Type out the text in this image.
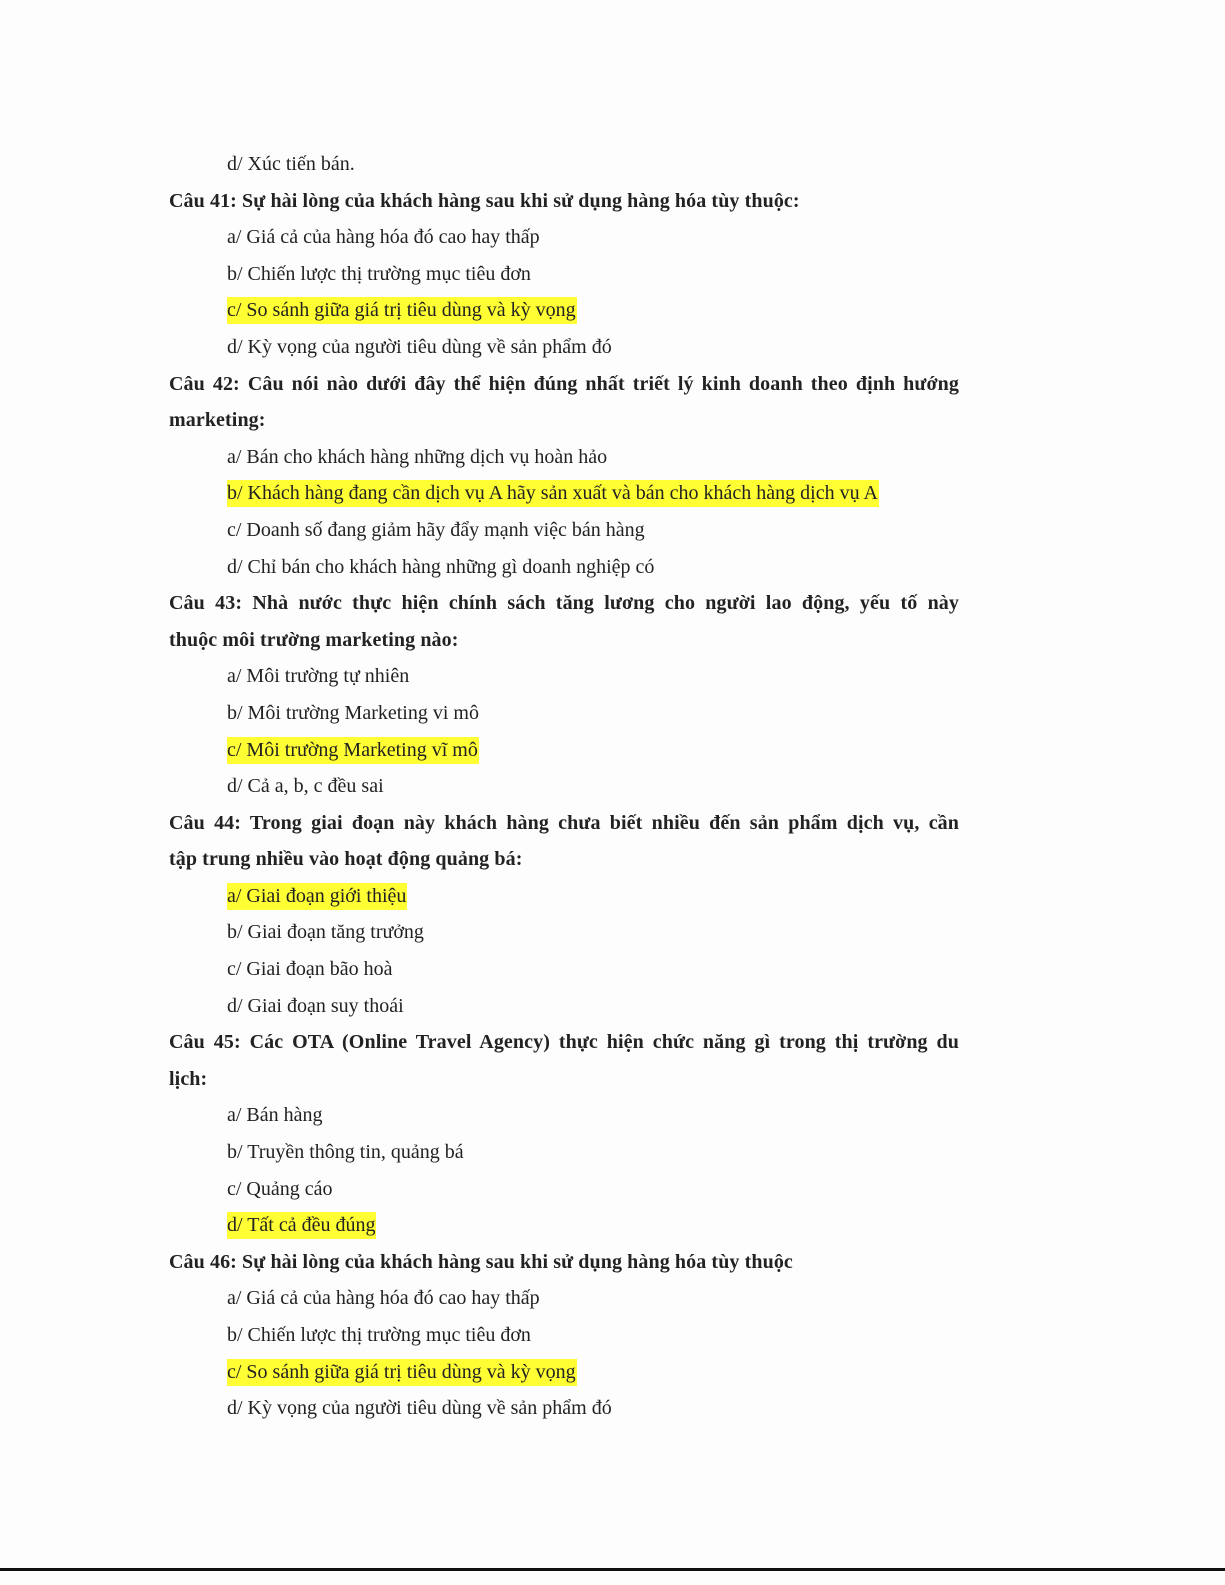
d/ Xúc tiến bán.
Câu 41: Sự hài lòng của khách hàng sau khi sử dụng hàng hóa tùy thuộc:
a/ Giá cả của hàng hóa đó cao hay thấp
b/ Chiến lược thị trường mục tiêu đơn
c/ So sánh giữa giá trị tiêu dùng và kỳ vọng
d/ Kỳ vọng của người tiêu dùng về sản phẩm đó
Câu 42: Câu nói nào dưới đây thể hiện đúng nhất triết lý kinh doanh theo định hướng
marketing:
a/ Bán cho khách hàng những dịch vụ hoàn hảo
b/ Khách hàng đang cần dịch vụ A hãy sản xuất và bán cho khách hàng dịch vụ A
c/ Doanh số đang giảm hãy đẩy mạnh việc bán hàng
d/ Chỉ bán cho khách hàng những gì doanh nghiệp có
Câu 43: Nhà nước thực hiện chính sách tăng lương cho người lao động, yếu tố này
thuộc môi trường marketing nào:
a/ Môi trường tự nhiên
b/ Môi trường Marketing vi mô
c/ Môi trường Marketing vĩ mô
d/ Cả a, b, c đều sai
Câu 44: Trong giai đoạn này khách hàng chưa biết nhiều đến sản phẩm dịch vụ, cần
tập trung nhiều vào hoạt động quảng bá:
a/ Giai đoạn giới thiệu
b/ Giai đoạn tăng trưởng
c/ Giai đoạn bão hoà
d/ Giai đoạn suy thoái
Câu 45: Các OTA (Online Travel Agency) thực hiện chức năng gì trong thị trường du
lịch:
a/ Bán hàng
b/ Truyền thông tin, quảng bá
c/ Quảng cáo
d/ Tất cả đều đúng
Câu 46: Sự hài lòng của khách hàng sau khi sử dụng hàng hóa tùy thuộc
a/ Giá cả của hàng hóa đó cao hay thấp
b/ Chiến lược thị trường mục tiêu đơn
c/ So sánh giữa giá trị tiêu dùng và kỳ vọng
d/ Kỳ vọng của người tiêu dùng về sản phẩm đó
